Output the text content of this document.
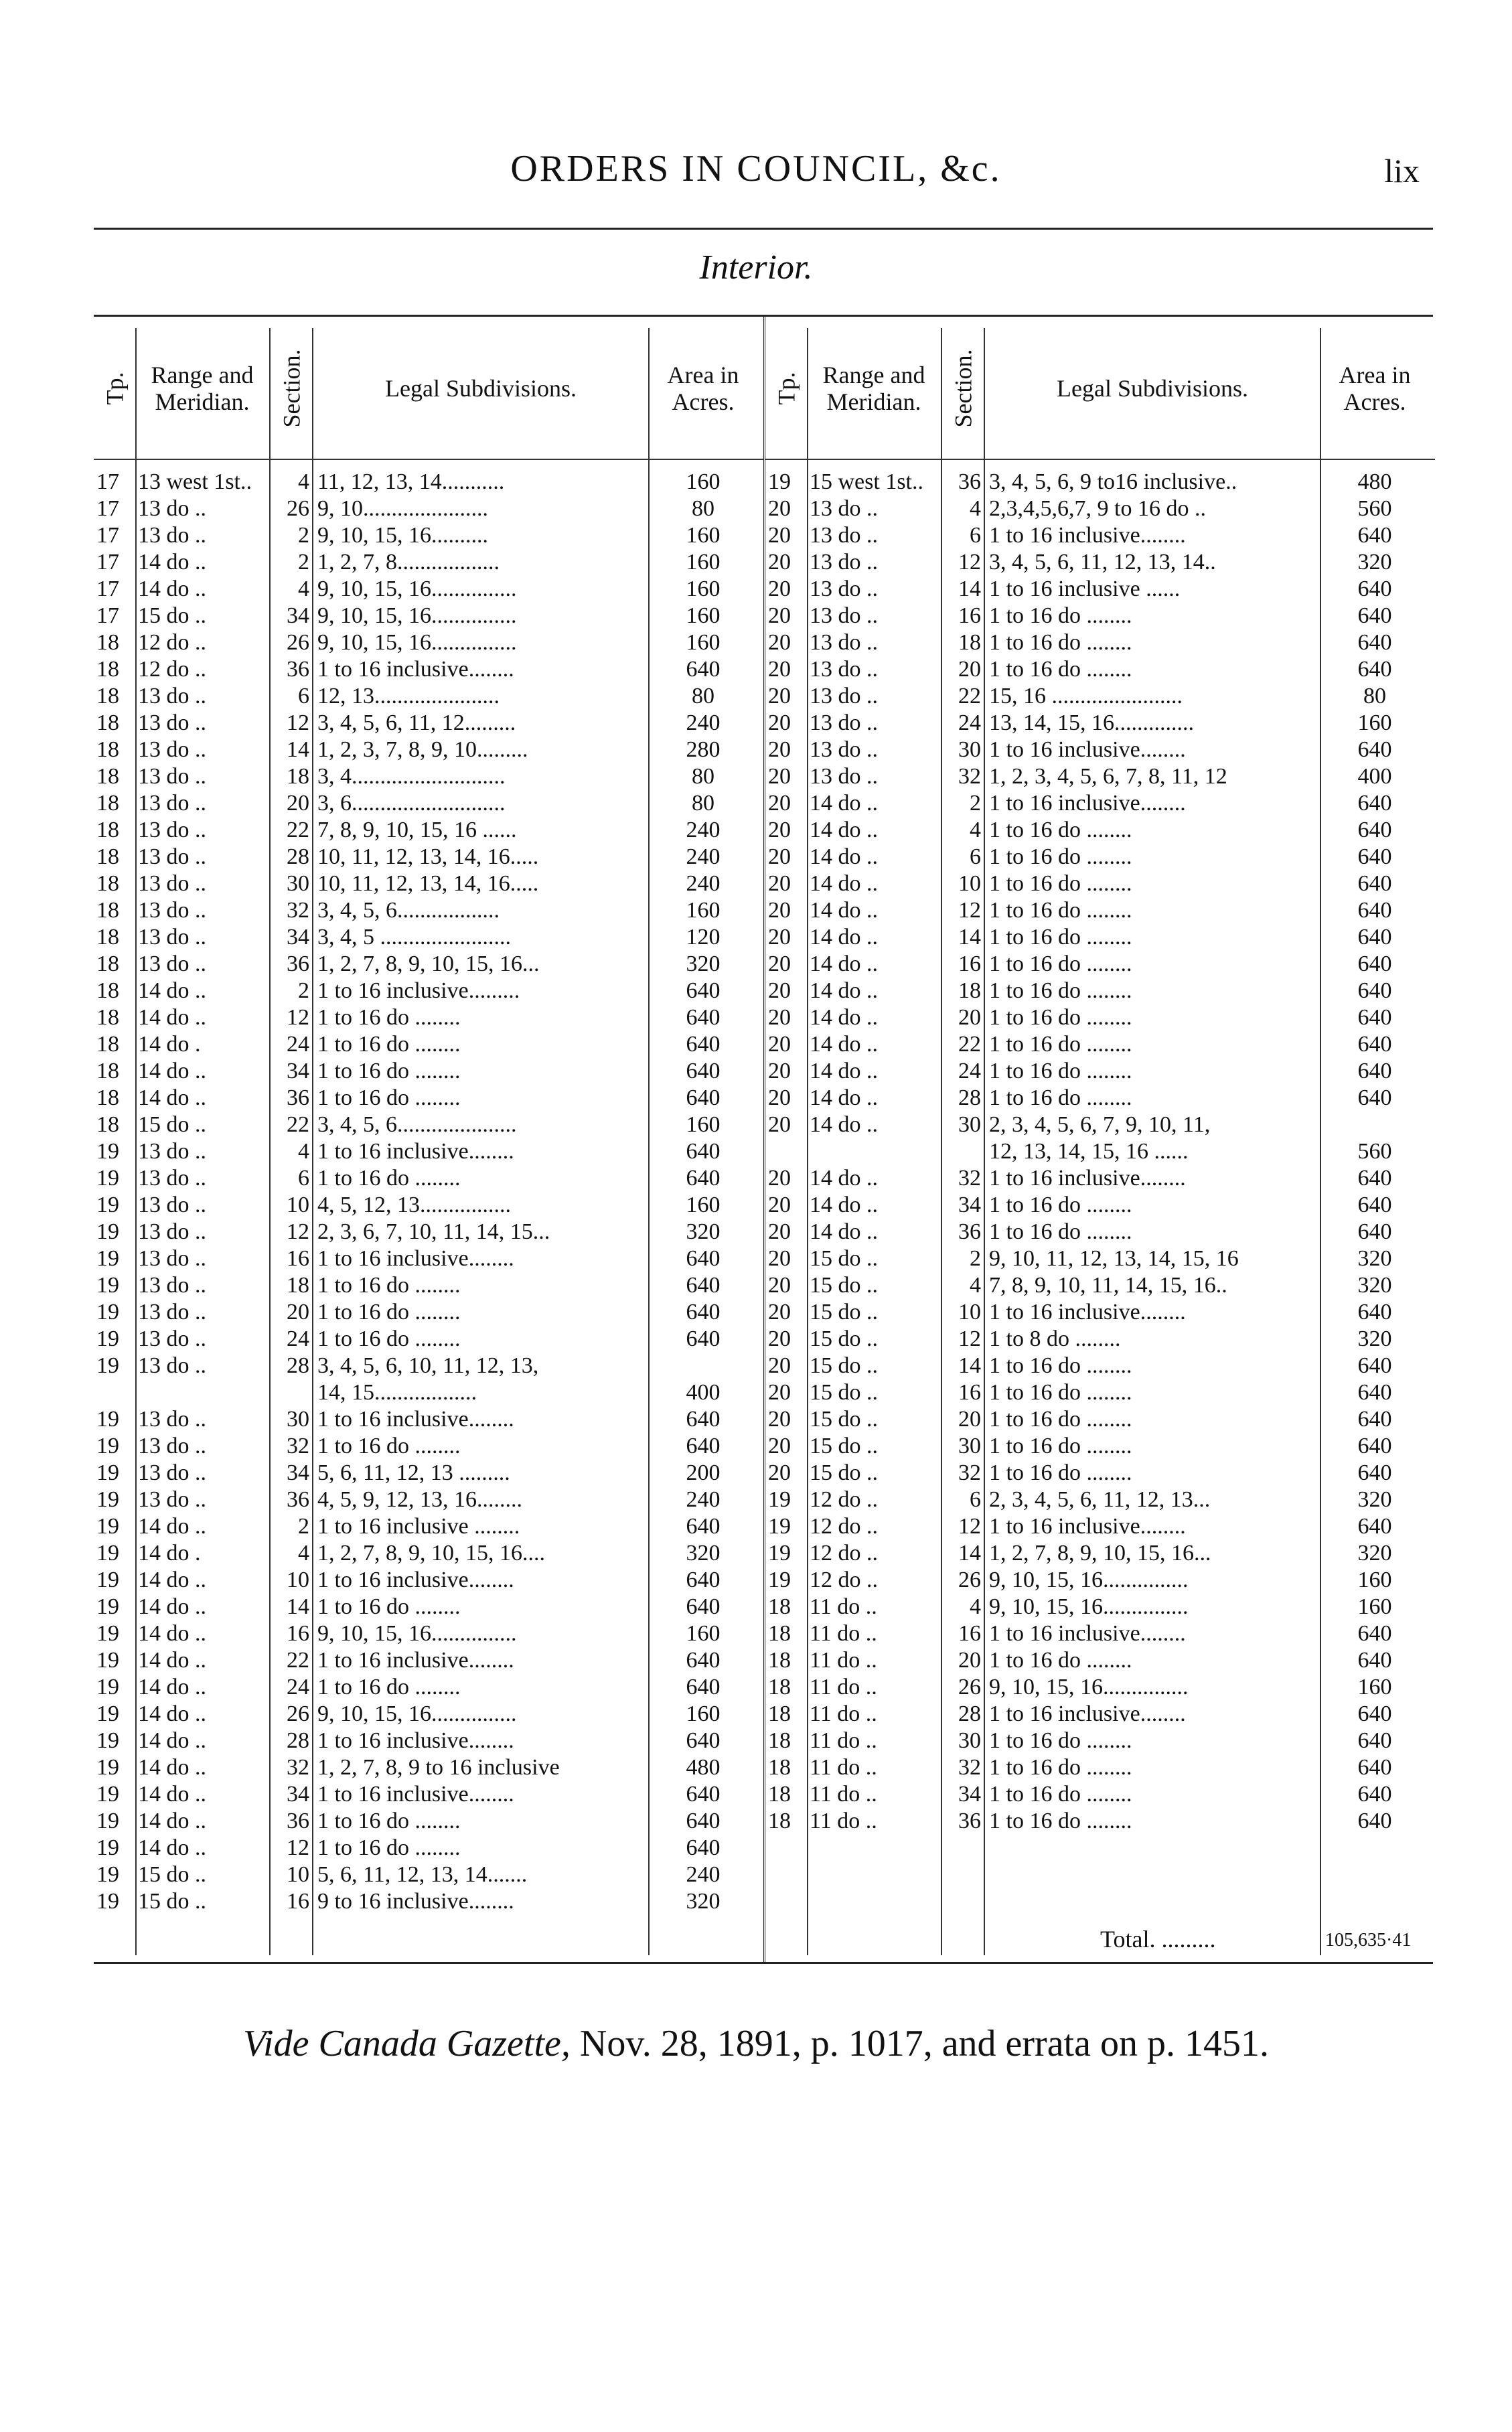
ORDERS IN COUNCIL, &c.	lix
Interior.
Tp. Range and Meridian.	Section.	Legal Subdivisions.	Area in Acres.
17 13 west 1st..	4 11, 12, 13, 14...........	160
17 13 do ..	26 9, 10......................	80
17 13 do ..	2 9, 10, 15, 16..........	160
17 14 do ..	2 1, 2, 7, 8..................	160
17 14 do ..	4 9, 10, 15, 16...............	160
17 15 do ..	34 9, 10, 15, 16...............	160
18 12 do ..	26 9, 10, 15, 16...............	160
18 12 do ..	36 1 to 16 inclusive........	640
18 13 do ..	6 12, 13......................	80
18 13 do ..	12 3, 4, 5, 6, 11, 12.........	240
18 13 do ..	14 1, 2, 3, 7, 8, 9, 10.........	280
18 13 do ..	18 3, 4...........................	80
18 13 do ..	20 3, 6...........................	80
18 13 do ..	22 7, 8, 9, 10, 15, 16 ......	240
18 13 do ..	28 10, 11, 12, 13, 14, 16.....	240
18 13 do ..	30 10, 11, 12, 13, 14, 16.....	240
18 13 do ..	32 3, 4, 5, 6..................	160
18 13 do ..	34 3, 4, 5 .......................	120
18 13 do ..	36 1, 2, 7, 8, 9, 10, 15, 16...	320
18 14 do ..	2 1 to 16 inclusive.........	640
18 14 do ..	12 1 to 16 do ........	640
18 14 do .	24 1 to 16 do ........	640
18 14 do ..	34 1 to 16 do ........	640
18 14 do ..	36 1 to 16 do ........	640
18 15 do ..	22 3, 4, 5, 6.....................	160
19 13 do ..	4 1 to 16 inclusive........	640
19 13 do ..	6 1 to 16 do ........	640
19 13 do ..	10 4, 5, 12, 13................	160
19 13 do ..	12 2, 3, 6, 7, 10, 11, 14, 15...	320
19 13 do ..	16 1 to 16 inclusive........	640
19 13 do ..	18 1 to 16 do ........	640
19 13 do ..	20 1 to 16 do ........	640
19 13 do ..	24 1 to 16 do ........	640
19 13 do ..	28 3, 4, 5, 6, 10, 11, 12, 13,
14, 15..................	400
19 13 do ..	30 1 to 16 inclusive........	640
19 13 do ..	32 1 to 16 do ........	640
19 13 do ..	34 5, 6, 11, 12, 13 .........	200
19 13 do ..	36 4, 5, 9, 12, 13, 16........	240
19 14 do ..	2 1 to 16 inclusive ........	640
19 14 do .	4 1, 2, 7, 8, 9, 10, 15, 16....	320
19 14 do ..	10 1 to 16 inclusive........	640
19 14 do ..	14 1 to 16 do ........	640
19 14 do ..	16 9, 10, 15, 16...............	160
19 14 do ..	22 1 to 16 inclusive........	640
19 14 do ..	24 1 to 16 do ........	640
19 14 do ..	26 9, 10, 15, 16...............	160
19 14 do ..	28 1 to 16 inclusive........	640
19 14 do ..	32 1, 2, 7, 8, 9 to 16 inclusive	480
19 14 do ..	34 1 to 16 inclusive........	640
19 14 do ..	36 1 to 16 do ........	640
19 14 do ..	12 1 to 16 do ........	640
19 15 do ..	10 5, 6, 11, 12, 13, 14.......	240
19 15 do ..	16 9 to 16 inclusive........	320
Tp. Range and Meridian.	Section.	Legal Subdivisions.	Area in Acres.
19 15 west 1st..	36 3, 4, 5, 6, 9 to16 inclusive..	480
20 13 do ..	4 2,3,4,5,6,7, 9 to 16 do ..	560
20 13 do ..	6 1 to 16 inclusive........	640
20 13 do ..	12 3, 4, 5, 6, 11, 12, 13, 14..	320
20 13 do ..	14 1 to 16 inclusive ......	640
20 13 do ..	16 1 to 16 do ........	640
20 13 do ..	18 1 to 16 do ........	640
20 13 do ..	20 1 to 16 do ........	640
20 13 do ..	22 15, 16 .......................	80
20 13 do ..	24 13, 14, 15, 16..............	160
20 13 do ..	30 1 to 16 inclusive........	640
20 13 do ..	32 1, 2, 3, 4, 5, 6, 7, 8, 11, 12	400
20 14 do ..	2 1 to 16 inclusive........	640
20 14 do ..	4 1 to 16 do ........	640
20 14 do ..	6 1 to 16 do ........	640
20 14 do ..	10 1 to 16 do ........	640
20 14 do ..	12 1 to 16 do ........	640
20 14 do ..	14 1 to 16 do ........	640
20 14 do ..	16 1 to 16 do ........	640
20 14 do ..	18 1 to 16 do ........	640
20 14 do ..	20 1 to 16 do ........	640
20 14 do ..	22 1 to 16 do ........	640
20 14 do ..	24 1 to 16 do ........	640
20 14 do ..	28 1 to 16 do ........	640
20 14 do ..	30 2, 3, 4, 5, 6, 7, 9, 10, 11,
12, 13, 14, 15, 16 ......	560
20 14 do ..	32 1 to 16 inclusive........	640
20 14 do ..	34 1 to 16 do ........	640
20 14 do ..	36 1 to 16 do ........	640
20 15 do ..	2 9, 10, 11, 12, 13, 14, 15, 16	320
20 15 do ..	4 7, 8, 9, 10, 11, 14, 15, 16..	320
20 15 do ..	10 1 to 16 inclusive........	640
20 15 do ..	12 1 to 8 do ........	320
20 15 do ..	14 1 to 16 do ........	640
20 15 do ..	16 1 to 16 do ........	640
20 15 do ..	20 1 to 16 do ........	640
20 15 do ..	30 1 to 16 do ........	640
20 15 do ..	32 1 to 16 do ........	640
19 12 do ..	6 2, 3, 4, 5, 6, 11, 12, 13...	320
19 12 do ..	12 1 to 16 inclusive........	640
19 12 do ..	14 1, 2, 7, 8, 9, 10, 15, 16...	320
19 12 do ..	26 9, 10, 15, 16...............	160
18 11 do ..	4 9, 10, 15, 16...............	160
18 11 do ..	16 1 to 16 inclusive........	640
18 11 do ..	20 1 to 16 do ........	640
18 11 do ..	26 9, 10, 15, 16...............	160
18 11 do ..	28 1 to 16 inclusive........	640
18 11 do ..	30 1 to 16 do ........	640
18 11 do ..	32 1 to 16 do ........	640
18 11 do ..	34 1 to 16 do ........	640
18 11 do ..	36 1 to 16 do ........	640
Total. .........	105,635·41
Vide Canada Gazette, Nov. 28, 1891, p. 1017, and errata on p. 1451.
